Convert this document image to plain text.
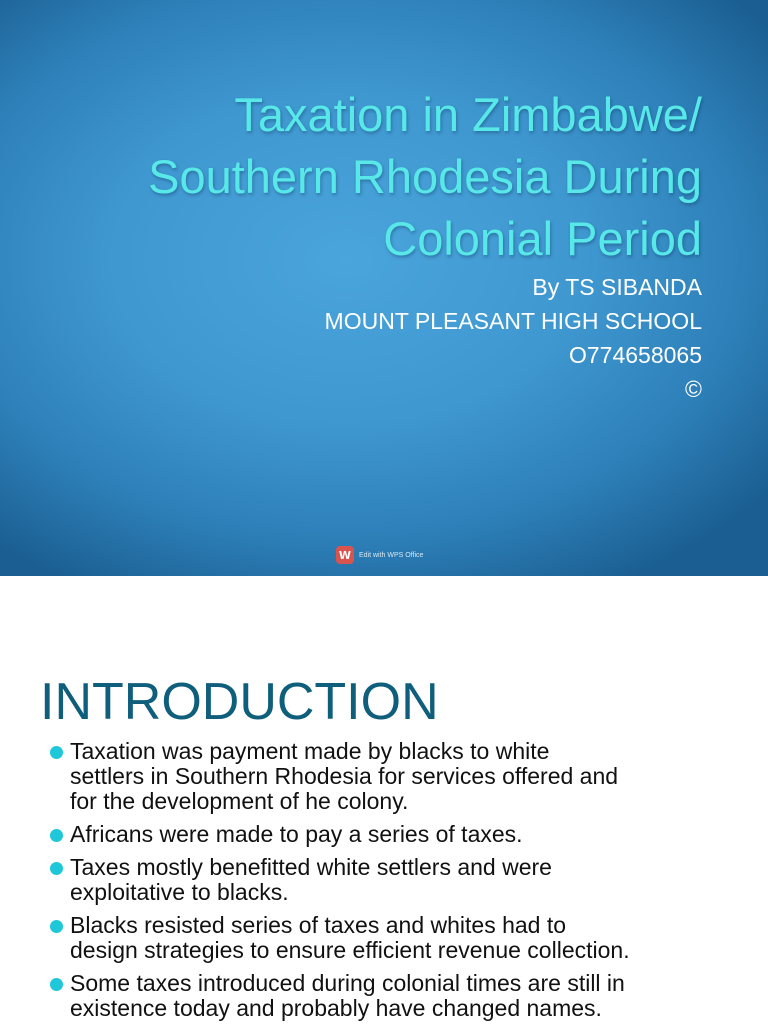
Taxation in Zimbabwe/
Southern Rhodesia During
Colonial Period
By TS SIBANDA
MOUNT PLEASANT HIGH SCHOOL
O774658065
©
W	Edit with WPS Office
INTRODUCTION
Taxation was payment made by blacks to white
settlers in Southern Rhodesia for services offered and
for the development of he colony.
Africans were made to pay a series of taxes.
Taxes mostly benefitted white settlers and were
exploitative to blacks.
Blacks resisted series of taxes and whites had to
design strategies to ensure efficient revenue collection.
Some taxes introduced during colonial times are still in
existence today and probably have changed names.
